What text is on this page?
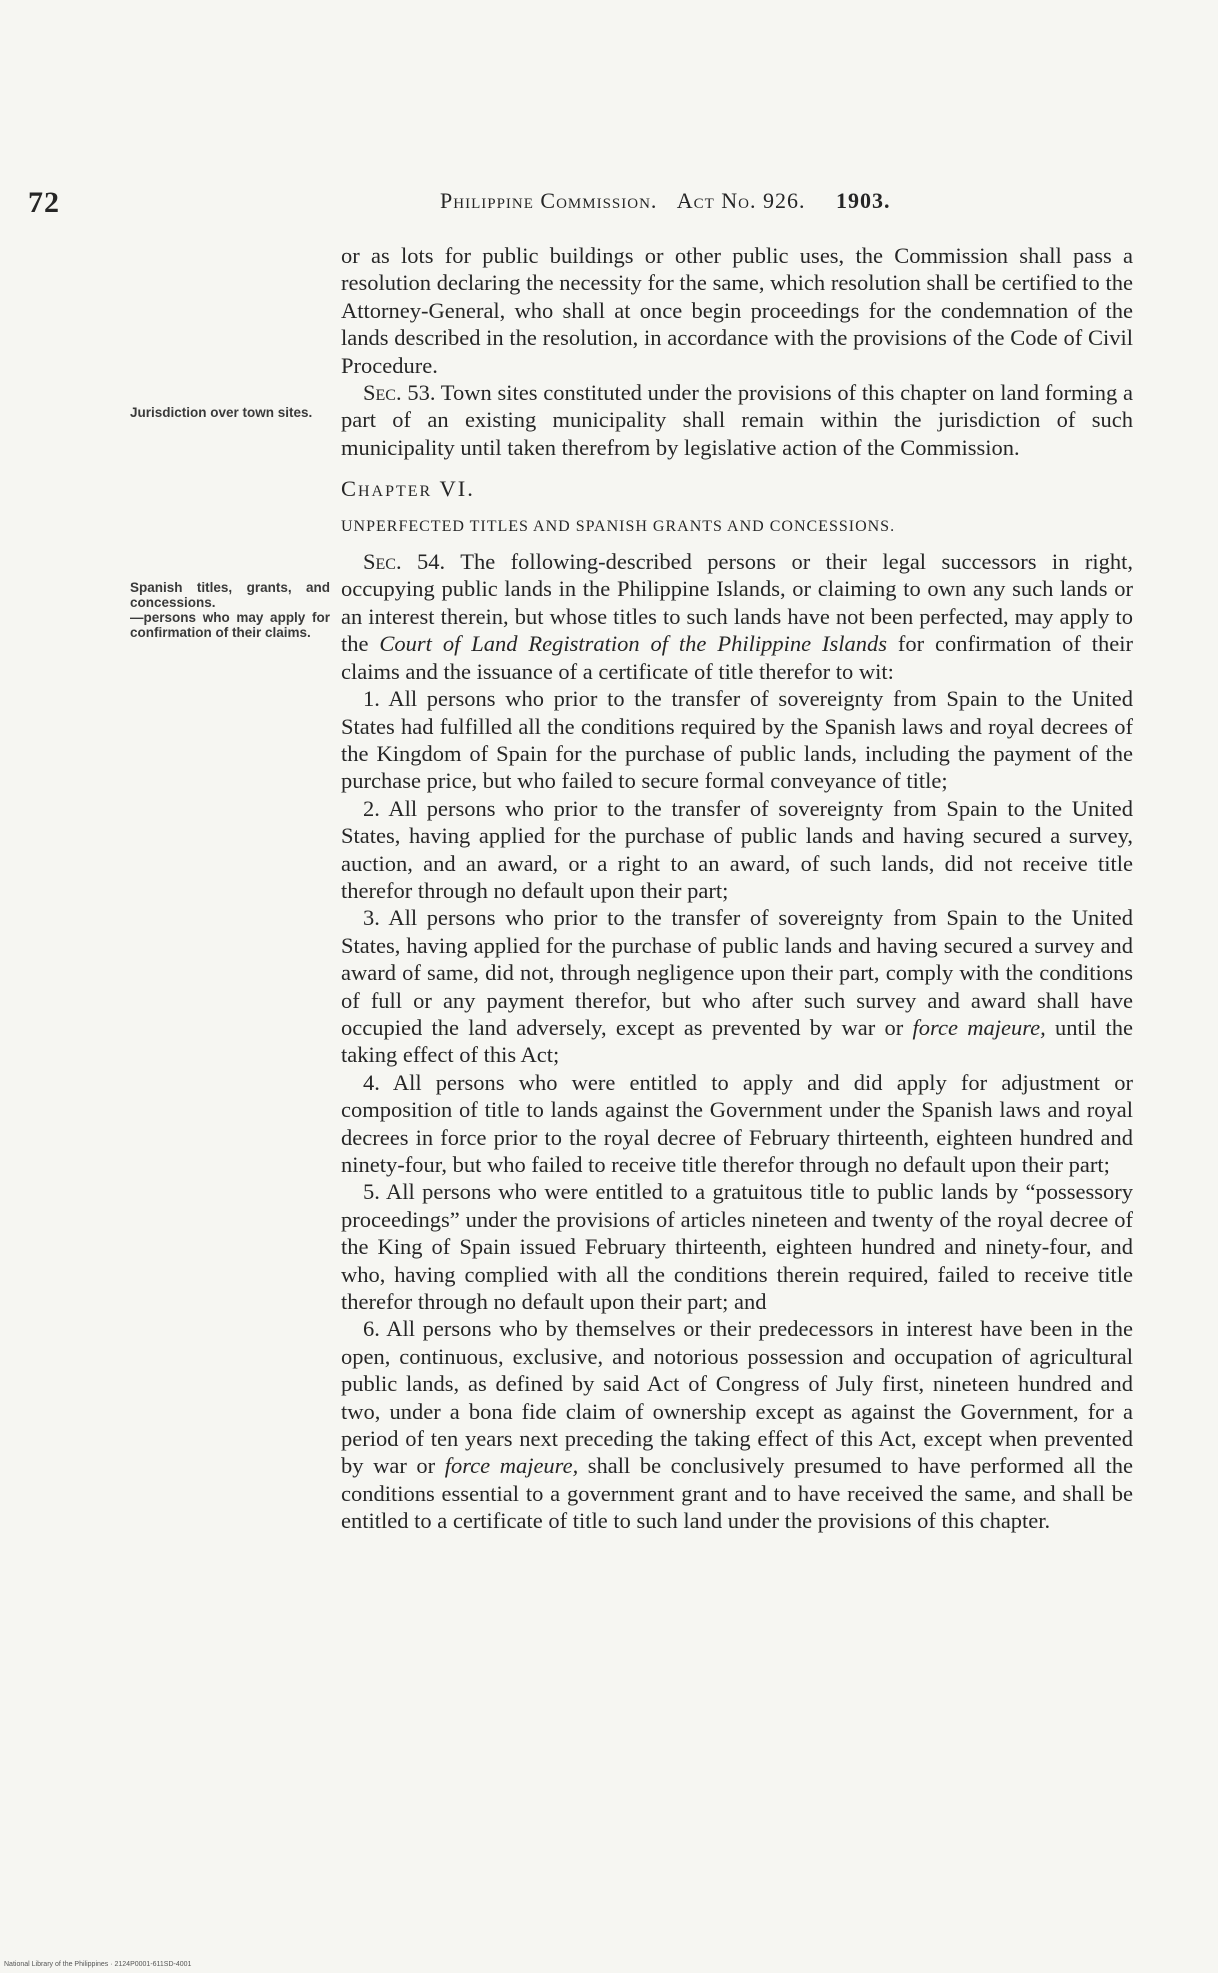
72	Philippine Commission. Act No. 926. 1903.

Jurisdiction over town sites.

Spanish titles, grants, and concessions.

—persons who may apply for confirmation of their claims.

or as lots for public buildings or other public uses, the Commission shall pass a resolution declaring the necessity for the same, which resolution shall be certified to the Attorney-General, who shall at once begin proceedings for the condemnation of the lands described in the resolution, in accordance with the provisions of the Code of Civil Procedure.

Sec. 53. Town sites constituted under the provisions of this chapter on land forming a part of an existing municipality shall remain within the jurisdiction of such municipality until taken therefrom by legislative action of the Commission.

Chapter VI.

UNPERFECTED TITLES AND SPANISH GRANTS AND CONCESSIONS.

Sec. 54. The following-described persons or their legal successors in right, occupying public lands in the Philippine Islands, or claiming to own any such lands or an interest therein, but whose titles to such lands have not been perfected, may apply to the Court of Land Registration of the Philippine Islands for confirmation of their claims and the issuance of a certificate of title therefor to wit:

1. All persons who prior to the transfer of sovereignty from Spain to the United States had fulfilled all the conditions required by the Spanish laws and royal decrees of the Kingdom of Spain for the purchase of public lands, including the payment of the purchase price, but who failed to secure formal conveyance of title;

2. All persons who prior to the transfer of sovereignty from Spain to the United States, having applied for the purchase of public lands and having secured a survey, auction, and an award, or a right to an award, of such lands, did not receive title therefor through no default upon their part;

3. All persons who prior to the transfer of sovereignty from Spain to the United States, having applied for the purchase of public lands and having secured a survey and award of same, did not, through negligence upon their part, comply with the conditions of full or any payment therefor, but who after such survey and award shall have occupied the land adversely, except as prevented by war or force majeure, until the taking effect of this Act;

4. All persons who were entitled to apply and did apply for adjustment or composition of title to lands against the Government under the Spanish laws and royal decrees in force prior to the royal decree of February thirteenth, eighteen hundred and ninety-four, but who failed to receive title therefor through no default upon their part;

5. All persons who were entitled to a gratuitous title to public lands by “possessory proceedings” under the provisions of articles nineteen and twenty of the royal decree of the King of Spain issued February thirteenth, eighteen hundred and ninety-four, and who, having complied with all the conditions therein required, failed to receive title therefor through no default upon their part; and

6. All persons who by themselves or their predecessors in interest have been in the open, continuous, exclusive, and notorious possession and occupation of agricultural public lands, as defined by said Act of Congress of July first, nineteen hundred and two, under a bona fide claim of ownership except as against the Government, for a period of ten years next preceding the taking effect of this Act, except when prevented by war or force majeure, shall be conclusively presumed to have performed all the conditions essential to a government grant and to have received the same, and shall be entitled to a certificate of title to such land under the provisions of this chapter.

National Library of the Philippines · 2124P0001-611SD-4001
